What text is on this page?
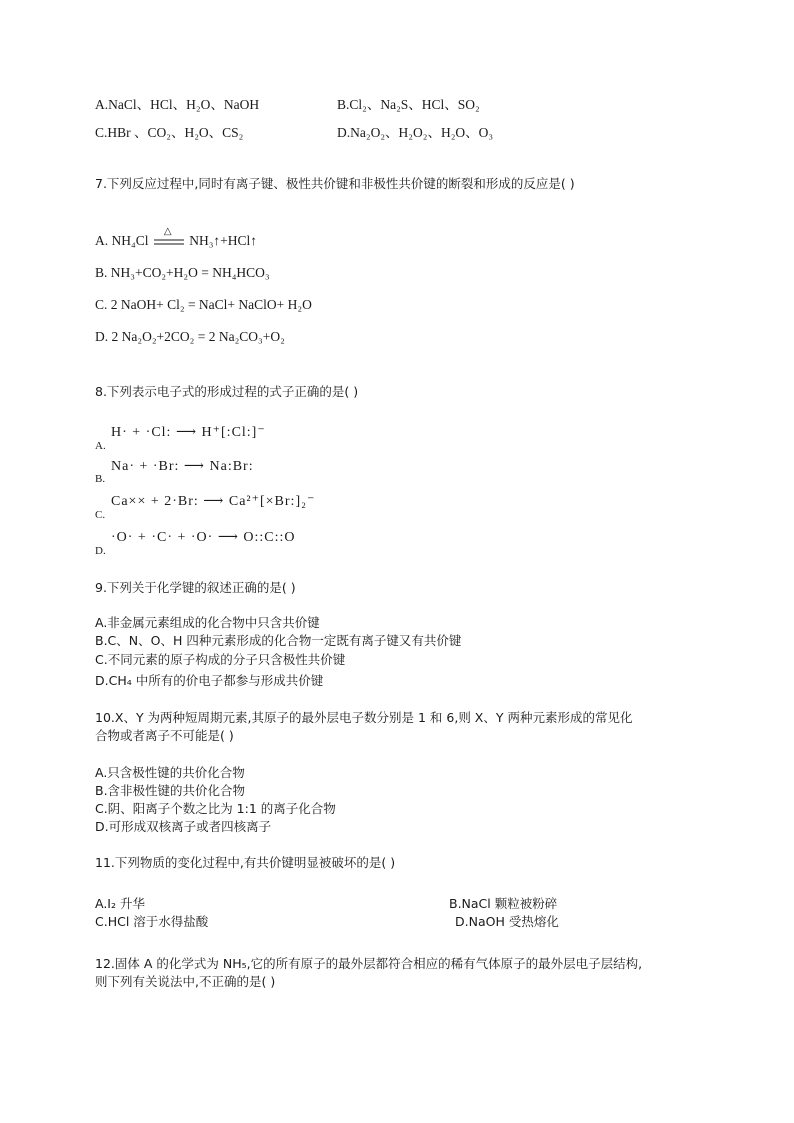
A.NaCl、HCl、H₂O、NaOH	B.Cl₂、Na₂S、HCl、SO₂
C.HBr 、CO₂、H₂O、CS₂	D.Na₂O₂、H₂O₂、H₂O、O₃
7.下列反应过程中,同时有离子键、极性共价键和非极性共价键的断裂和形成的反应是( )
A. NH₄Cl
△
NH₃↑+HCl↑
B. NH₃+CO₂+H₂O = NH₄HCO₃
C. 2 NaOH+ Cl₂ = NaCl+ NaClO+ H₂O
D. 2 Na₂O₂+2CO₂ = 2 Na₂CO₃+O₂
8.下列表示电子式的形成过程的式子正确的是( )
A.
H· + ·Cl: ⟶ H⁺[:Cl:]⁻
B.
Na· + ·Br: ⟶ Na:Br:
C.
Ca×× + 2·Br: ⟶ Ca²⁺[×Br:]₂⁻
D.
·O· + ·C· + ·O· ⟶ O::C::O
9.下列关于化学键的叙述正确的是( )
A.非金属元素组成的化合物中只含共价键
B.C、N、O、H 四种元素形成的化合物一定既有离子键又有共价键
C.不同元素的原子构成的分子只含极性共价键
D.CH₄ 中所有的价电子都参与形成共价键
10.X、Y 为两种短周期元素,其原子的最外层电子数分别是 1 和 6,则 X、Y 两种元素形成的常见化
合物或者离子不可能是( )
A.只含极性键的共价化合物
B.含非极性键的共价化合物
C.阴、阳离子个数之比为 1:1 的离子化合物
D.可形成双核离子或者四核离子
11.下列物质的变化过程中,有共价键明显被破坏的是( )
A.I₂ 升华	B.NaCl 颗粒被粉碎
C.HCl 溶于水得盐酸	D.NaOH 受热熔化
12.固体 A 的化学式为 NH₅,它的所有原子的最外层都符合相应的稀有气体原子的最外层电子层结构,
则下列有关说法中,不正确的是( )
